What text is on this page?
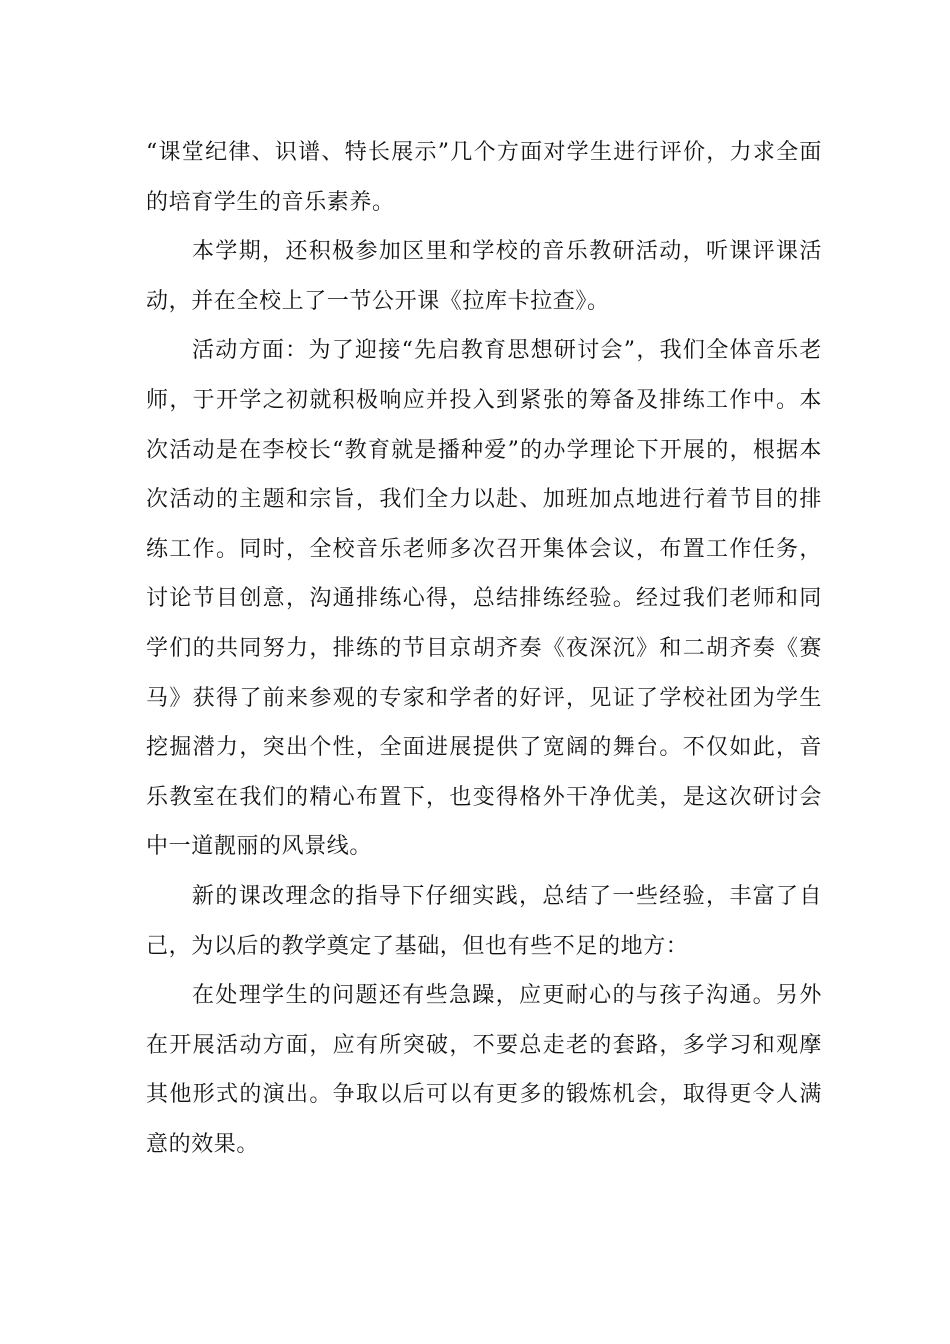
“课堂纪律、识谱、特长展示”几个方面对学生进行评价，力求全面的培育学生的音乐素养。

本学期，还积极参加区里和学校的音乐教研活动，听课评课活动，并在全校上了一节公开课《拉库卡拉查》。

活动方面：为了迎接“先启教育思想研讨会”，我们全体音乐老师，于开学之初就积极响应并投入到紧张的筹备及排练工作中。本次活动是在李校长“教育就是播种爱”的办学理论下开展的，根据本次活动的主题和宗旨，我们全力以赴、加班加点地进行着节目的排练工作。同时，全校音乐老师多次召开集体会议，布置工作任务，讨论节目创意，沟通排练心得，总结排练经验。经过我们老师和同学们的共同努力，排练的节目京胡齐奏《夜深沉》和二胡齐奏《赛马》获得了前来参观的专家和学者的好评，见证了学校社团为学生挖掘潜力，突出个性，全面进展提供了宽阔的舞台。不仅如此，音乐教室在我们的精心布置下，也变得格外干净优美，是这次研讨会中一道靓丽的风景线。

新的课改理念的指导下仔细实践，总结了一些经验，丰富了自己，为以后的教学奠定了基础，但也有些不足的地方：

在处理学生的问题还有些急躁，应更耐心的与孩子沟通。另外在开展活动方面，应有所突破，不要总走老的套路，多学习和观摩其他形式的演出。争取以后可以有更多的锻炼机会，取得更令人满意的效果。
